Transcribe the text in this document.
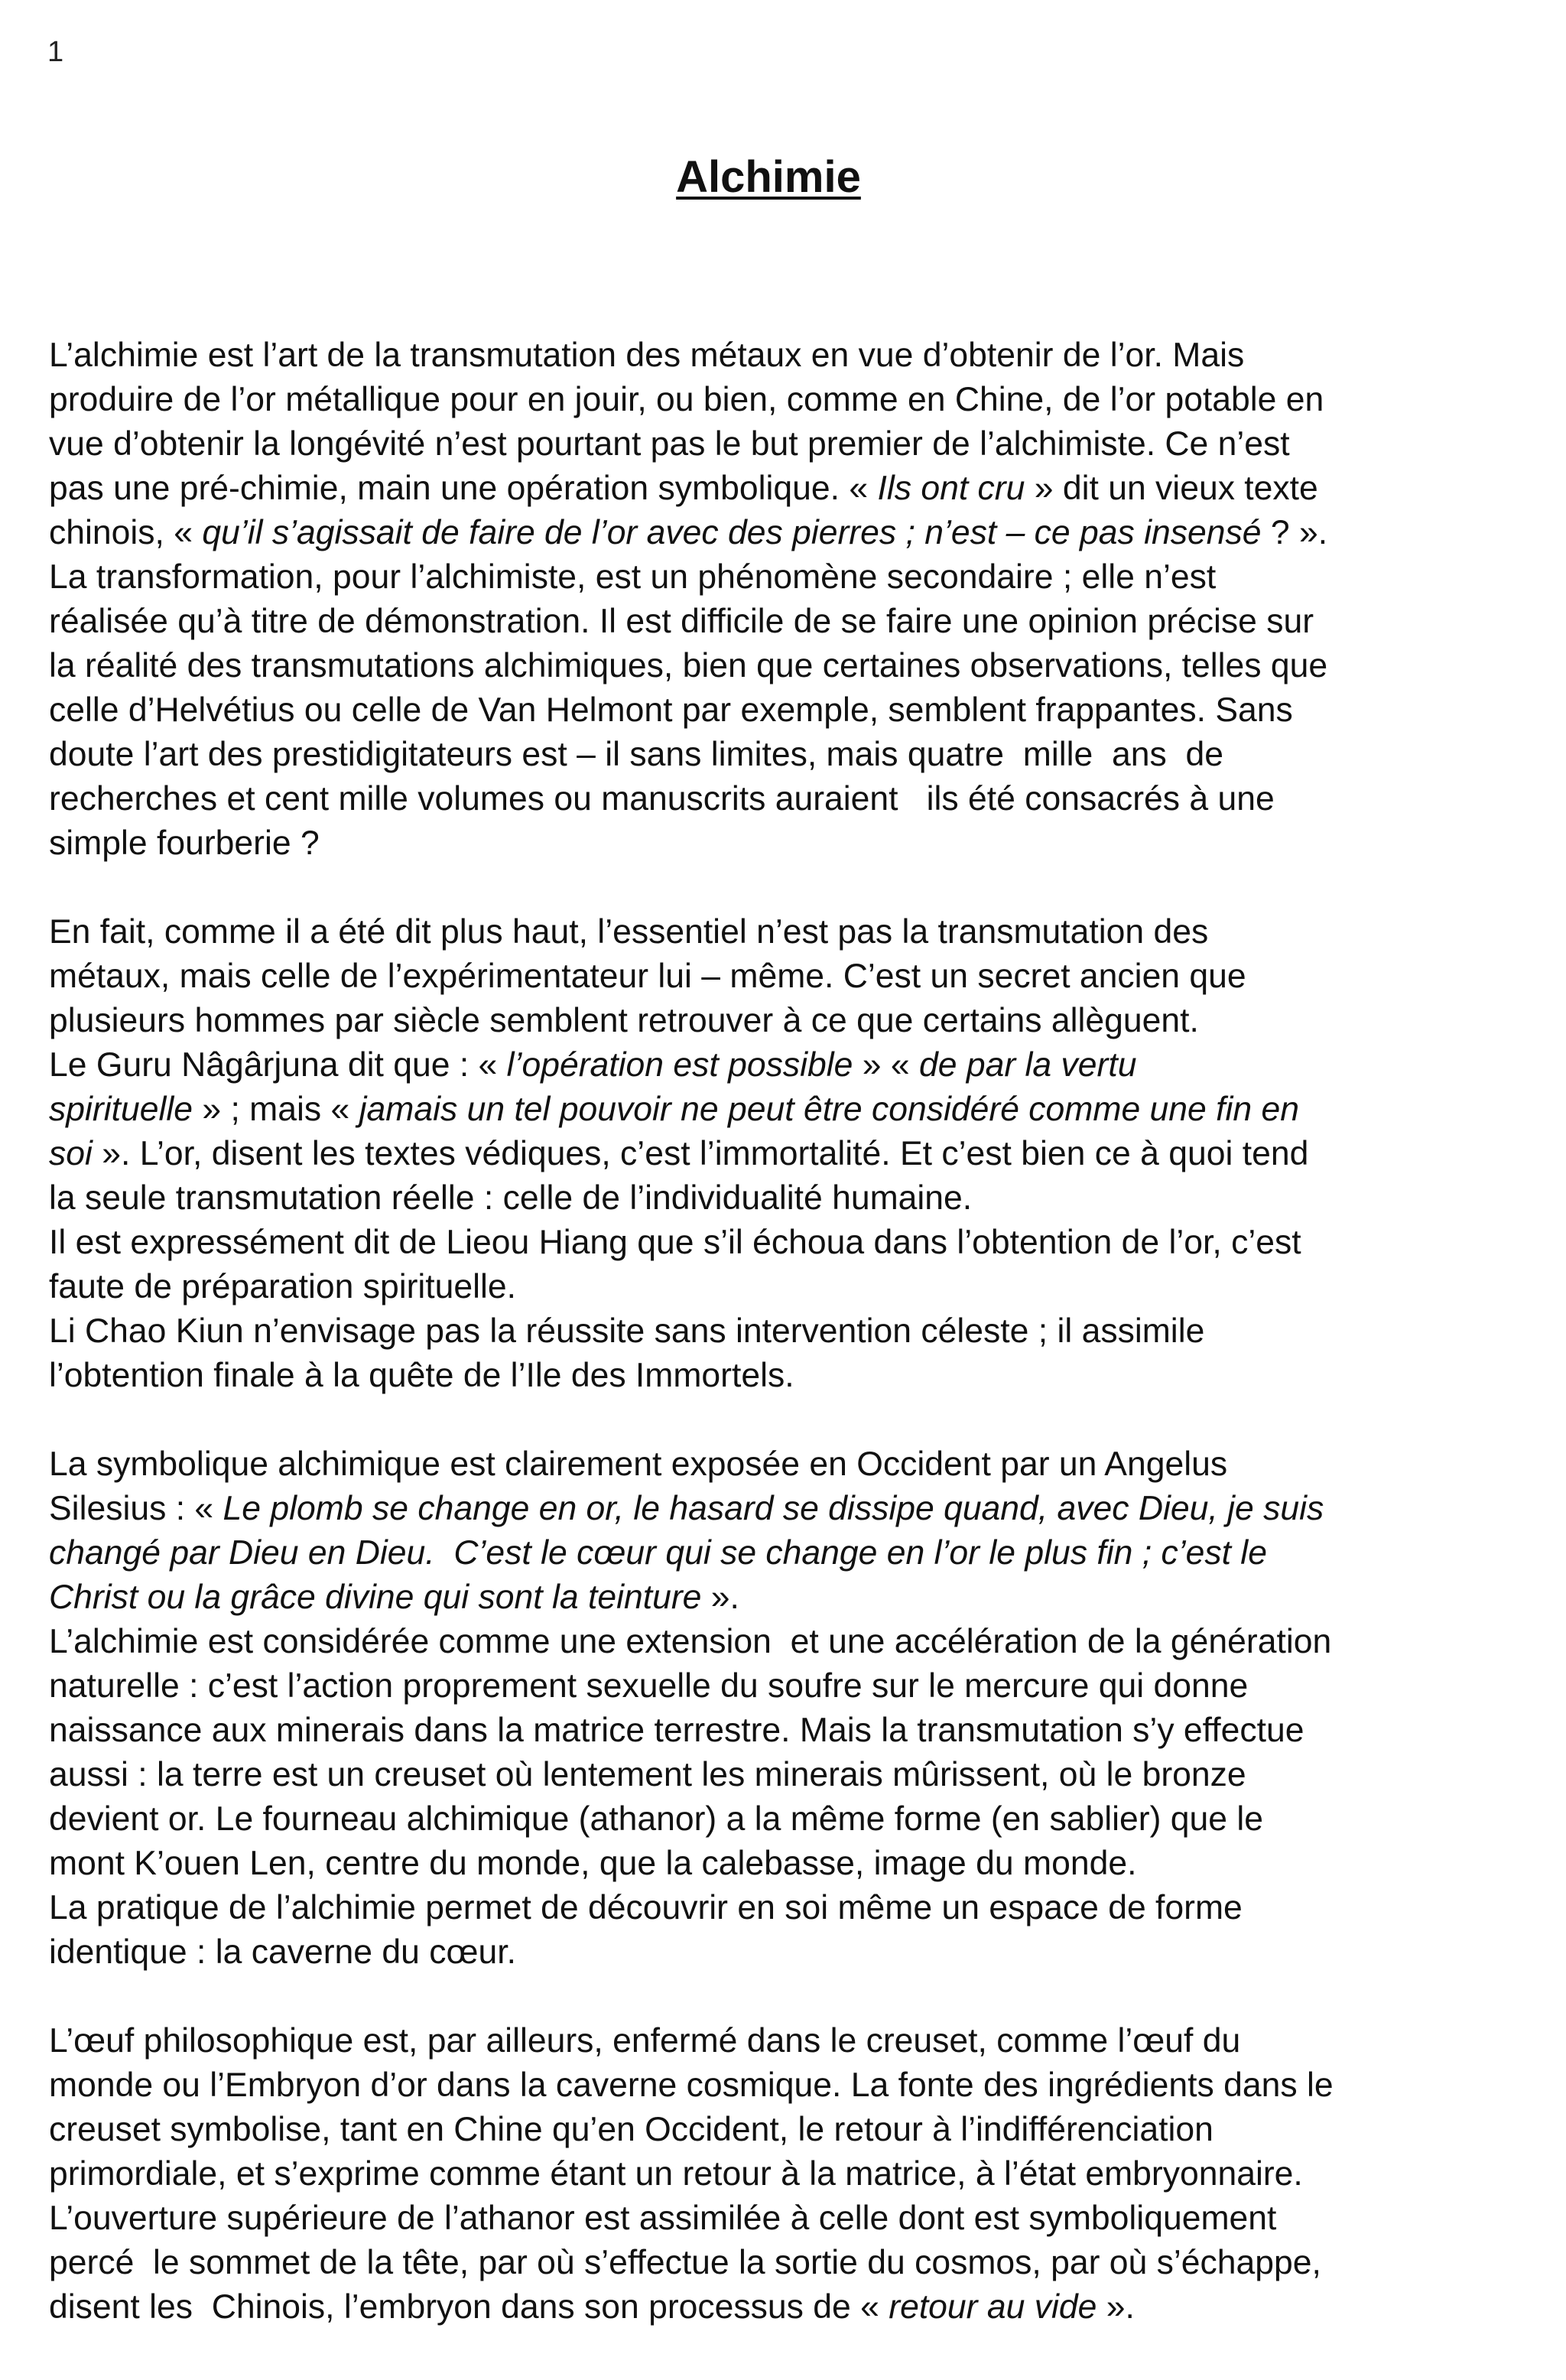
1
Alchimie
L’alchimie est l’art de la transmutation des métaux en vue d’obtenir de l’or. Mais
produire de l’or métallique pour en jouir, ou bien, comme en Chine, de l’or potable en
vue d’obtenir la longévité n’est pourtant pas le but premier de l’alchimiste. Ce n’est
pas une pré-chimie, main une opération symbolique. « Ils ont cru » dit un vieux texte
chinois, « qu’il s’agissait de faire de l’or avec des pierres ; n’est – ce pas insensé ? ».
La transformation, pour l’alchimiste, est un phénomène secondaire ; elle n’est
réalisée qu’à titre de démonstration. Il est difficile de se faire une opinion précise sur
la réalité des transmutations alchimiques, bien que certaines observations, telles que
celle d’Helvétius ou celle de Van Helmont par exemple, semblent frappantes. Sans
doute l’art des prestidigitateurs est – il sans limites, mais quatre  mille  ans  de
recherches et cent mille volumes ou manuscrits auraient   ils été consacrés à une
simple fourberie ?
En fait, comme il a été dit plus haut, l’essentiel n’est pas la transmutation des
métaux, mais celle de l’expérimentateur lui – même. C’est un secret ancien que
plusieurs hommes par siècle semblent retrouver à ce que certains allèguent.
Le Guru Nâgârjuna dit que : « l’opération est possible » « de par la vertu
spirituelle » ; mais « jamais un tel pouvoir ne peut être considéré comme une fin en
soi ». L’or, disent les textes védiques, c’est l’immortalité. Et c’est bien ce à quoi tend
la seule transmutation réelle : celle de l’individualité humaine.
Il est expressément dit de Lieou Hiang que s’il échoua dans l’obtention de l’or, c’est
faute de préparation spirituelle.
Li Chao Kiun n’envisage pas la réussite sans intervention céleste ; il assimile
l’obtention finale à la quête de l’Ile des Immortels.
La symbolique alchimique est clairement exposée en Occident par un Angelus
Silesius : « Le plomb se change en or, le hasard se dissipe quand, avec Dieu, je suis
changé par Dieu en Dieu.  C’est le cœur qui se change en l’or le plus fin ; c’est le
Christ ou la grâce divine qui sont la teinture ».
L’alchimie est considérée comme une extension  et une accélération de la génération
naturelle : c’est l’action proprement sexuelle du soufre sur le mercure qui donne
naissance aux minerais dans la matrice terrestre. Mais la transmutation s’y effectue
aussi : la terre est un creuset où lentement les minerais mûrissent, où le bronze
devient or. Le fourneau alchimique (athanor) a la même forme (en sablier) que le
mont K’ouen Len, centre du monde, que la calebasse, image du monde.
La pratique de l’alchimie permet de découvrir en soi même un espace de forme
identique : la caverne du cœur.
L’œuf philosophique est, par ailleurs, enfermé dans le creuset, comme l’œuf du
monde ou l’Embryon d’or dans la caverne cosmique. La fonte des ingrédients dans le
creuset symbolise, tant en Chine qu’en Occident, le retour à l’indifférenciation
primordiale, et s’exprime comme étant un retour à la matrice, à l’état embryonnaire.
L’ouverture supérieure de l’athanor est assimilée à celle dont est symboliquement
percé  le sommet de la tête, par où s’effectue la sortie du cosmos, par où s’échappe,
disent les  Chinois, l’embryon dans son processus de « retour au vide ».
